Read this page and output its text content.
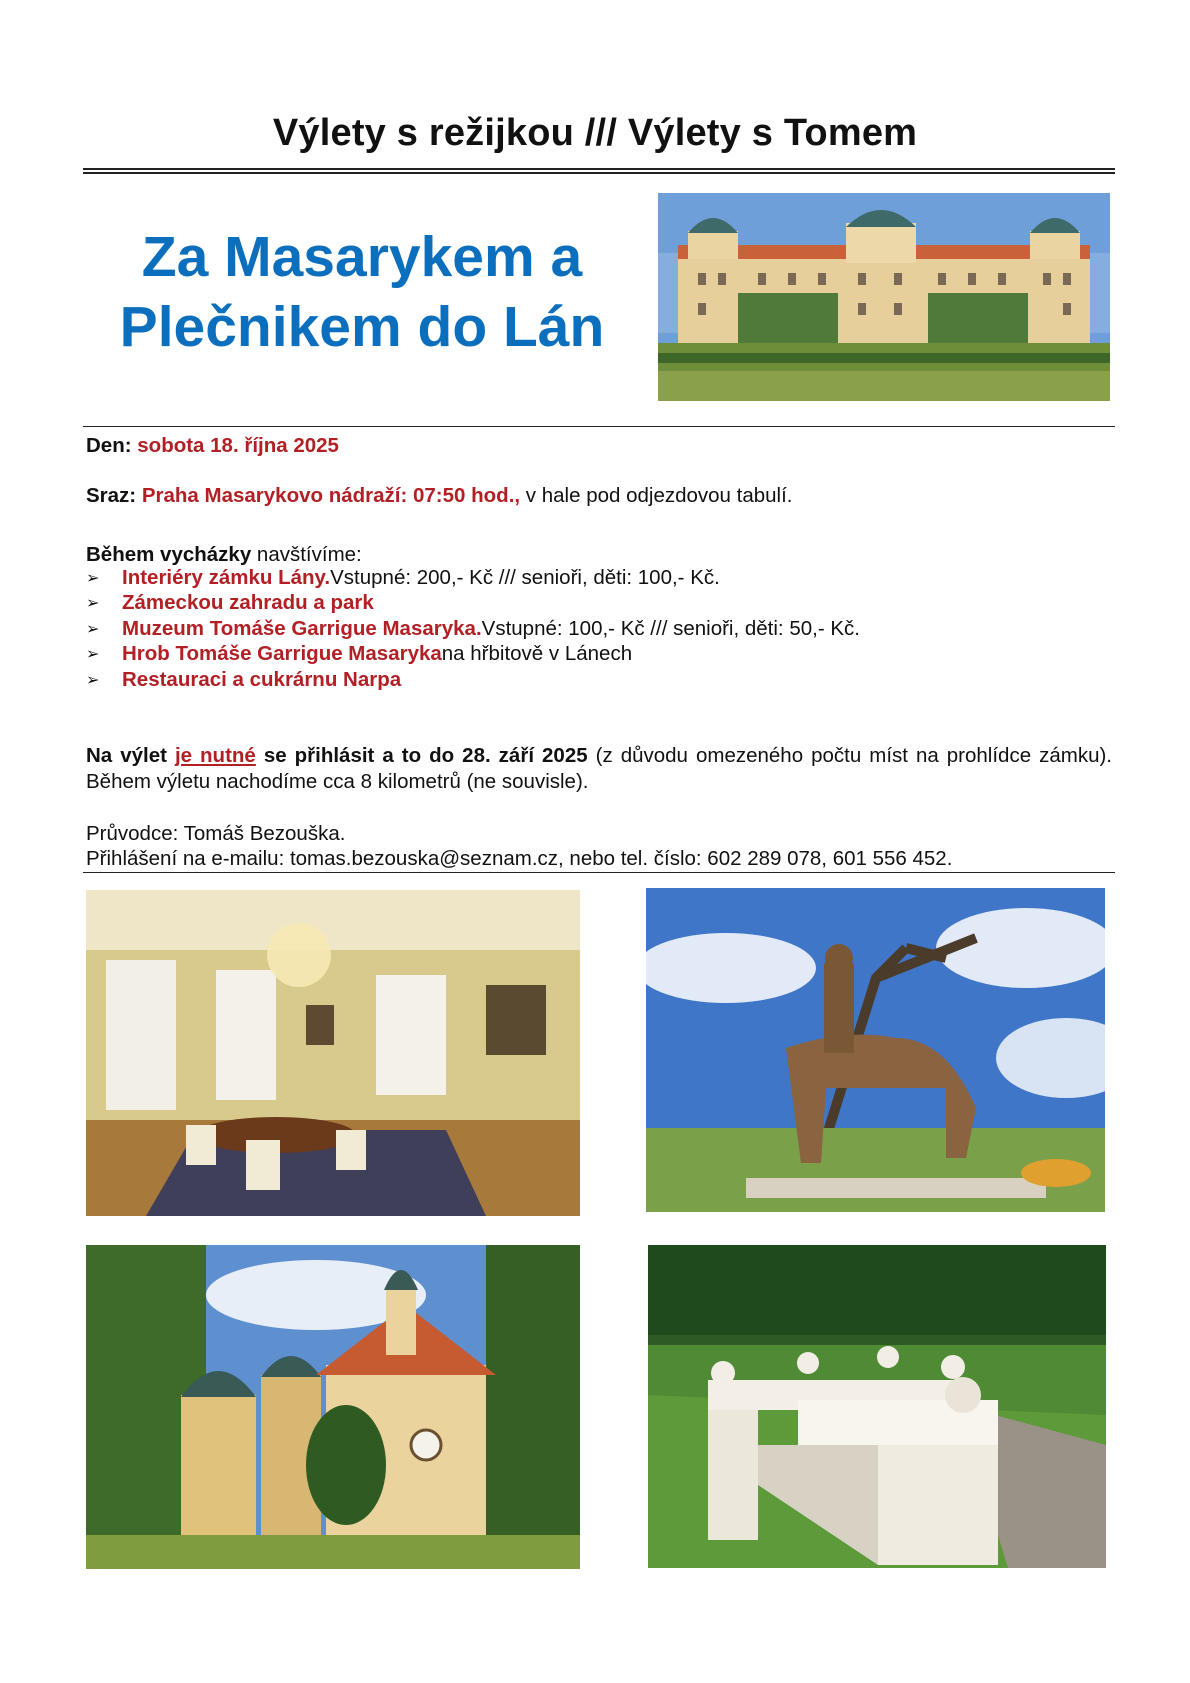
Výlety s režijkou /// Výlety s Tomem
Za Masarykem a
Plečnikem do Lán
Den: sobota 18. října 2025
Sraz: Praha Masarykovo nádraží: 07:50 hod., v hale pod odjezdovou tabulí.
Během vycházky navštívíme:
➢	Interiéry zámku Lány. Vstupné: 200,- Kč /// senioři, děti: 100,- Kč.
➢	Zámeckou zahradu a park
➢	Muzeum Tomáše Garrigue Masaryka. Vstupné: 100,- Kč /// senioři, děti: 50,- Kč.
➢	Hrob Tomáše Garrigue Masaryka na hřbitově v Lánech
➢	Restauraci a cukrárnu Narpa
Na výlet je nutné se přihlásit a to do 28. září 2025 (z důvodu omezeného počtu míst na prohlídce zámku). Během výletu nachodíme cca 8 kilometrů (ne souvisle).
Průvodce: Tomáš Bezouška.
Přihlášení na e-mailu: tomas.bezouska@seznam.cz, nebo tel. číslo: 602 289 078, 601 556 452.
